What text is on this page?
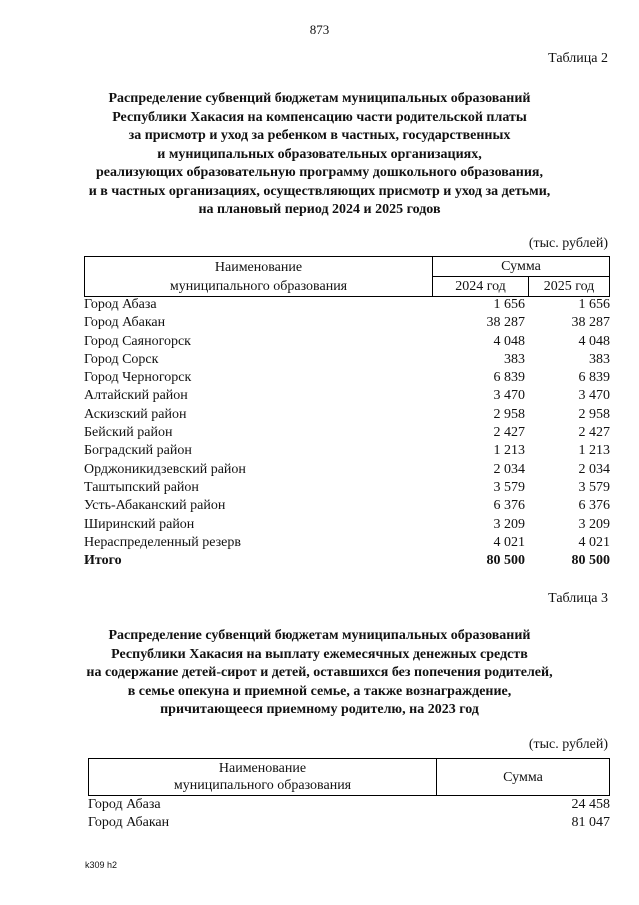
873
Таблица 2
Распределение субвенций бюджетам муниципальных образований
Республики Хакасия на компенсацию части родительской платы
за присмотр и уход за ребенком в частных, государственных
и муниципальных образовательных организациях,
реализующих образовательную программу дошкольного образования,
и в частных организациях, осуществляющих присмотр и уход за детьми,
на плановый период 2024 и 2025 годов
(тыс. рублей)
Наименование
муниципального образования	Сумма	
	2024 год	2025 год
Город Абаза	1 656	1 656
Город Абакан	38 287	38 287
Город Саяногорск	4 048	4 048
Город Сорск	383	383
Город Черногорск	6 839	6 839
Алтайский район	3 470	3 470
Аскизский район	2 958	2 958
Бейский район	2 427	2 427
Боградский район	1 213	1 213
Орджоникидзевский район	2 034	2 034
Таштыпский район	3 579	3 579
Усть-Абаканский район	6 376	6 376
Ширинский район	3 209	3 209
Нераспределенный резерв	4 021	4 021
Итого	80 500	80 500
Таблица 3
Распределение субвенций бюджетам муниципальных образований
Республики Хакасия на выплату ежемесячных денежных средств
на содержание детей-сирот и детей, оставшихся без попечения родителей,
в семье опекуна и приемной семье, а также вознаграждение,
причитающееся приемному родителю, на 2023 год
(тыс. рублей)
Наименование
муниципального образования
	Сумма
Город Абаза	24 458
Город Абакан	81 047
k309 h2
